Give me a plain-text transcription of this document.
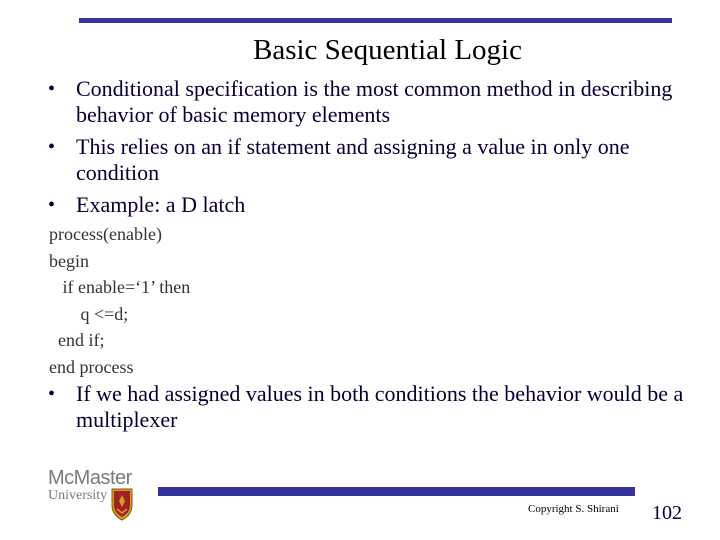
Basic Sequential Logic
• Conditional specification is the most common method in describing behavior of basic memory elements
• This relies on an if statement and assigning a value in only one condition
• Example: a D latch
process(enable)
begin
if enable=‘1’ then
q <=d;
end if;
end process
• If we had assigned values in both conditions the behavior would be a multiplexer
McMaster
University
Copyright S. Shirani 102
